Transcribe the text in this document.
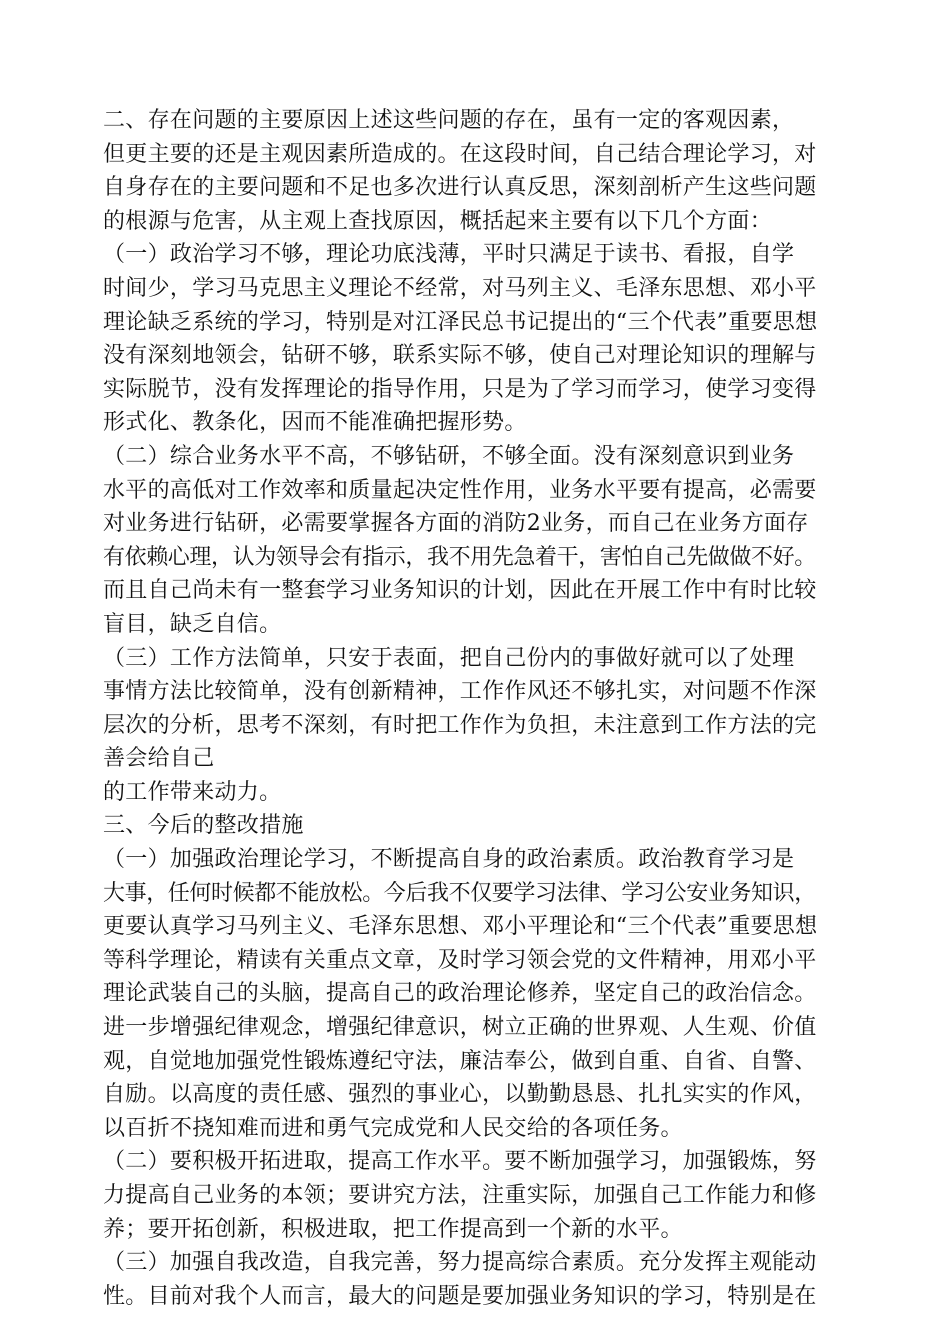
二、存在问题的主要原因上述这些问题的存在，虽有一定的客观因素，
但更主要的还是主观因素所造成的。在这段时间，自己结合理论学习，对
自身存在的主要问题和不足也多次进行认真反思，深刻剖析产生这些问题
的根源与危害，从主观上查找原因，概括起来主要有以下几个方面：
（一）政治学习不够，理论功底浅薄，平时只满足于读书、看报，自学
时间少，学习马克思主义理论不经常，对马列主义、毛泽东思想、邓小平
理论缺乏系统的学习，特别是对江泽民总书记提出的“三个代表”重要思想
没有深刻地领会，钻研不够，联系实际不够，使自己对理论知识的理解与
实际脱节，没有发挥理论的指导作用，只是为了学习而学习，使学习变得
形式化、教条化，因而不能准确把握形势。
（二）综合业务水平不高，不够钻研，不够全面。没有深刻意识到业务
水平的高低对工作效率和质量起决定性作用，业务水平要有提高，必需要
对业务进行钻研，必需要掌握各方面的消防2业务，而自己在业务方面存
有依赖心理，认为领导会有指示，我不用先急着干，害怕自己先做做不好。
而且自己尚未有一整套学习业务知识的计划，因此在开展工作中有时比较
盲目，缺乏自信。
（三）工作方法简单，只安于表面，把自己份内的事做好就可以了处理
事情方法比较简单，没有创新精神，工作作风还不够扎实，对问题不作深
层次的分析，思考不深刻，有时把工作作为负担，未注意到工作方法的完
善会给自己
的工作带来动力。
三、今后的整改措施
（一）加强政治理论学习，不断提高自身的政治素质。政治教育学习是
大事，任何时候都不能放松。今后我不仅要学习法律、学习公安业务知识，
更要认真学习马列主义、毛泽东思想、邓小平理论和“三个代表”重要思想
等科学理论，精读有关重点文章，及时学习领会党的文件精神，用邓小平
理论武装自己的头脑，提高自己的政治理论修养，坚定自己的政治信念。
进一步增强纪律观念，增强纪律意识，树立正确的世界观、人生观、价值
观，自觉地加强党性锻炼遵纪守法，廉洁奉公，做到自重、自省、自警、
自励。以高度的责任感、强烈的事业心，以勤勤恳恳、扎扎实实的作风，
以百折不挠知难而进和勇气完成党和人民交给的各项任务。
（二）要积极开拓进取，提高工作水平。要不断加强学习，加强锻炼，努
力提高自己业务的本领；要讲究方法，注重实际，加强自己工作能力和修
养；要开拓创新，积极进取，把工作提高到一个新的水平。
（三）加强自我改造，自我完善，努力提高综合素质。充分发挥主观能动
性。目前对我个人而言，最大的问题是要加强业务知识的学习，特别是在
